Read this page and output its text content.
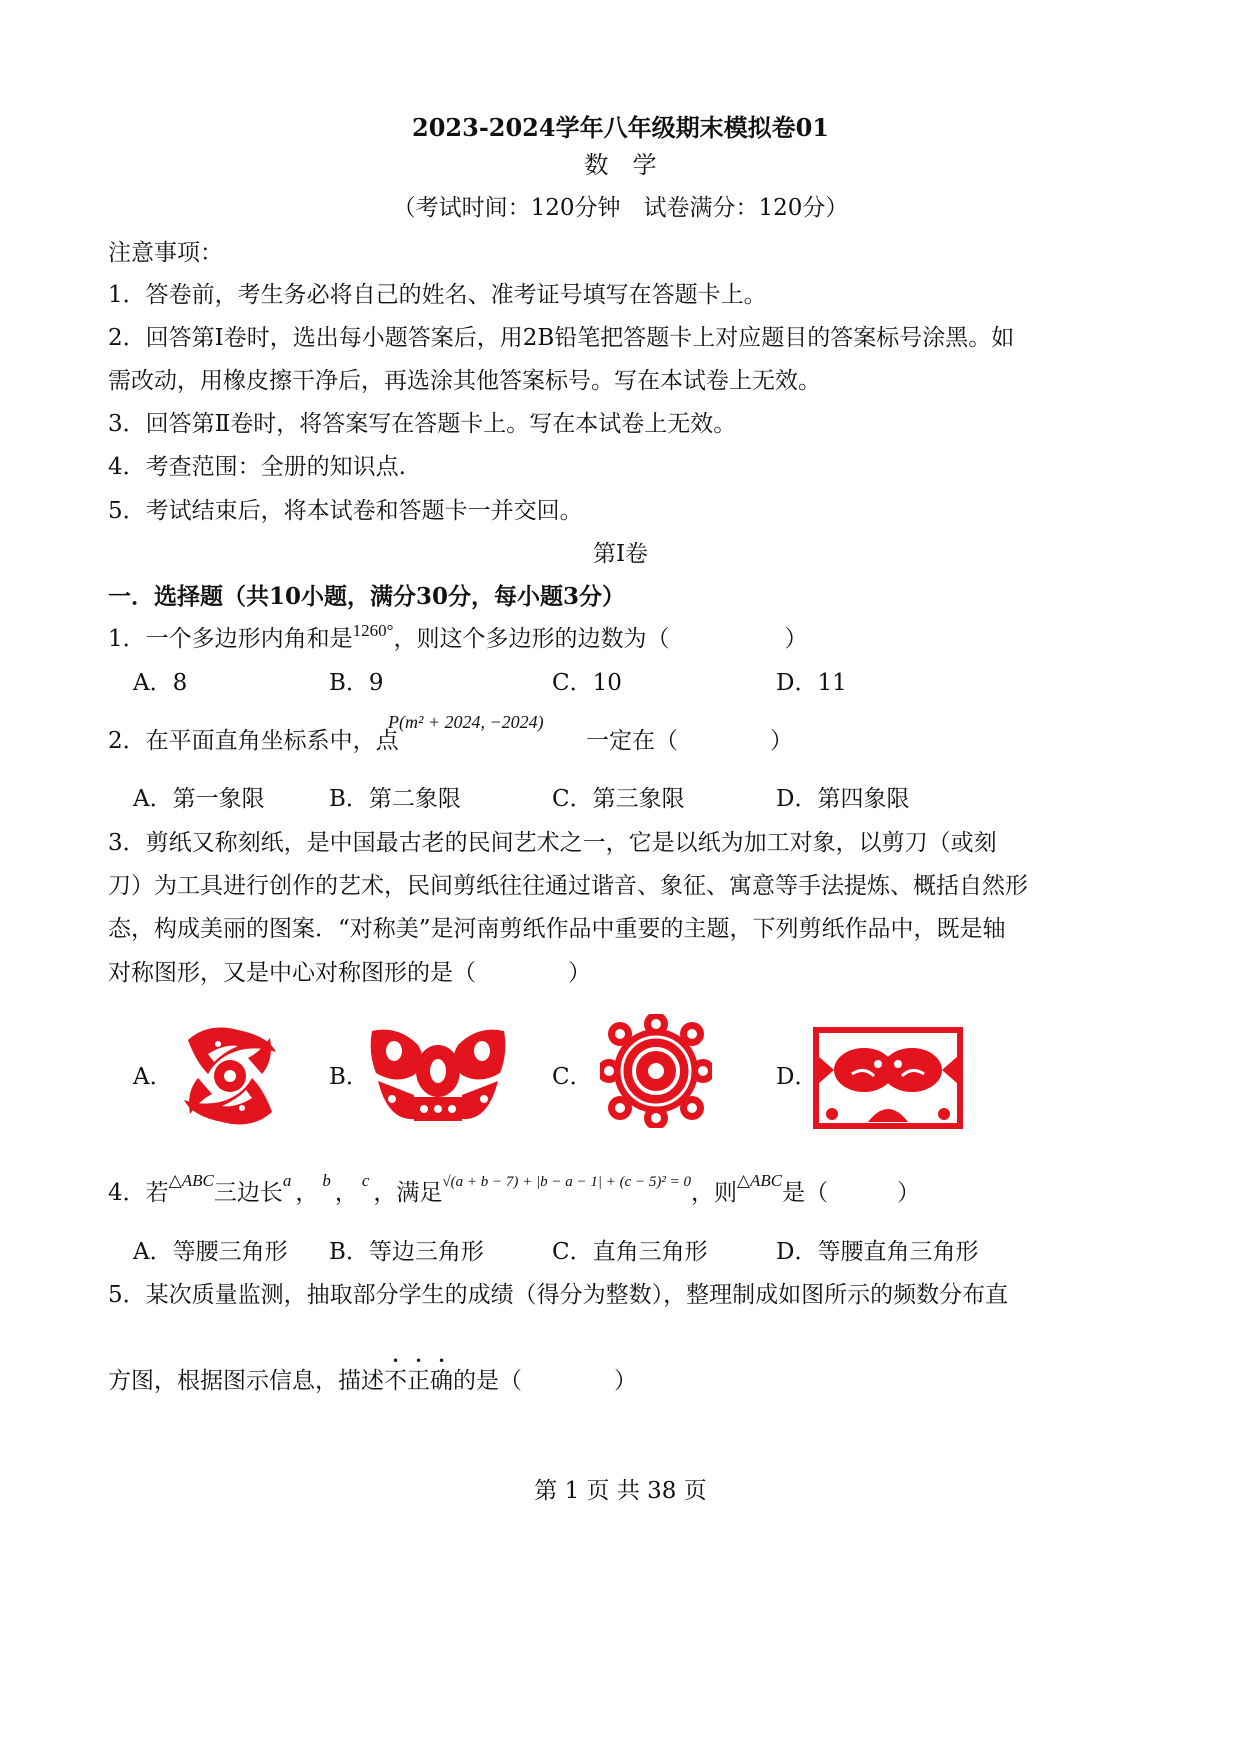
2023-2024学年八年级期末模拟卷01
数　学
（考试时间：120分钟　试卷满分：120分）
注意事项：
1．答卷前，考生务必将自己的姓名、准考证号填写在答题卡上。
2．回答第Ⅰ卷时，选出每小题答案后，用2B铅笔把答题卡上对应题目的答案标号涂黑。如
需改动，用橡皮擦干净后，再选涂其他答案标号。写在本试卷上无效。
3．回答第Ⅱ卷时，将答案写在答题卡上。写在本试卷上无效。
4．考查范围：全册的知识点.
5．考试结束后，将本试卷和答题卡一并交回。
第Ⅰ卷
一．选择题（共10小题，满分30分，每小题3分）
1．一个多边形内角和是$^{1260^\circ}$，则这个多边形的边数为（　　　　　）
A．8	B．9	C．10	D．11
2．在平面直角坐标系中，点
P(m² + 2024, −2024)
一定在（　　　　）
A．第一象限	B．第二象限	C．第三象限	D．第四象限
3．剪纸又称刻纸，是中国最古老的民间艺术之一，它是以纸为加工对象，以剪刀（或刻
刀）为工具进行创作的艺术，民间剪纸往往通过谐音、象征、寓意等手法提炼、概括自然形
态，构成美丽的图案．“对称美”是河南剪纸作品中重要的主题，下列剪纸作品中，既是轴
对称图形，又是中心对称图形的是（　　　　）
A．	B．	C．	D．
4．若$^{\triangle ABC}$三边长$^a$ ， $^b$ ， $^c$ ，满足$^{√(a + b - 7) + |b - a - 1| + (c - 5)^2 = 0}$，则$^{\triangle ABC}$是（　　　）
A．等腰三角形 B．等边三角形	C．直角三角形	D．等腰直角三角形
5．某次质量监测，抽取部分学生的成绩（得分为整数），整理制成如图所示的频数分布直
方图，根据图示信息，描述不正确的是（　　　　）
第 1 页 共 38 页
